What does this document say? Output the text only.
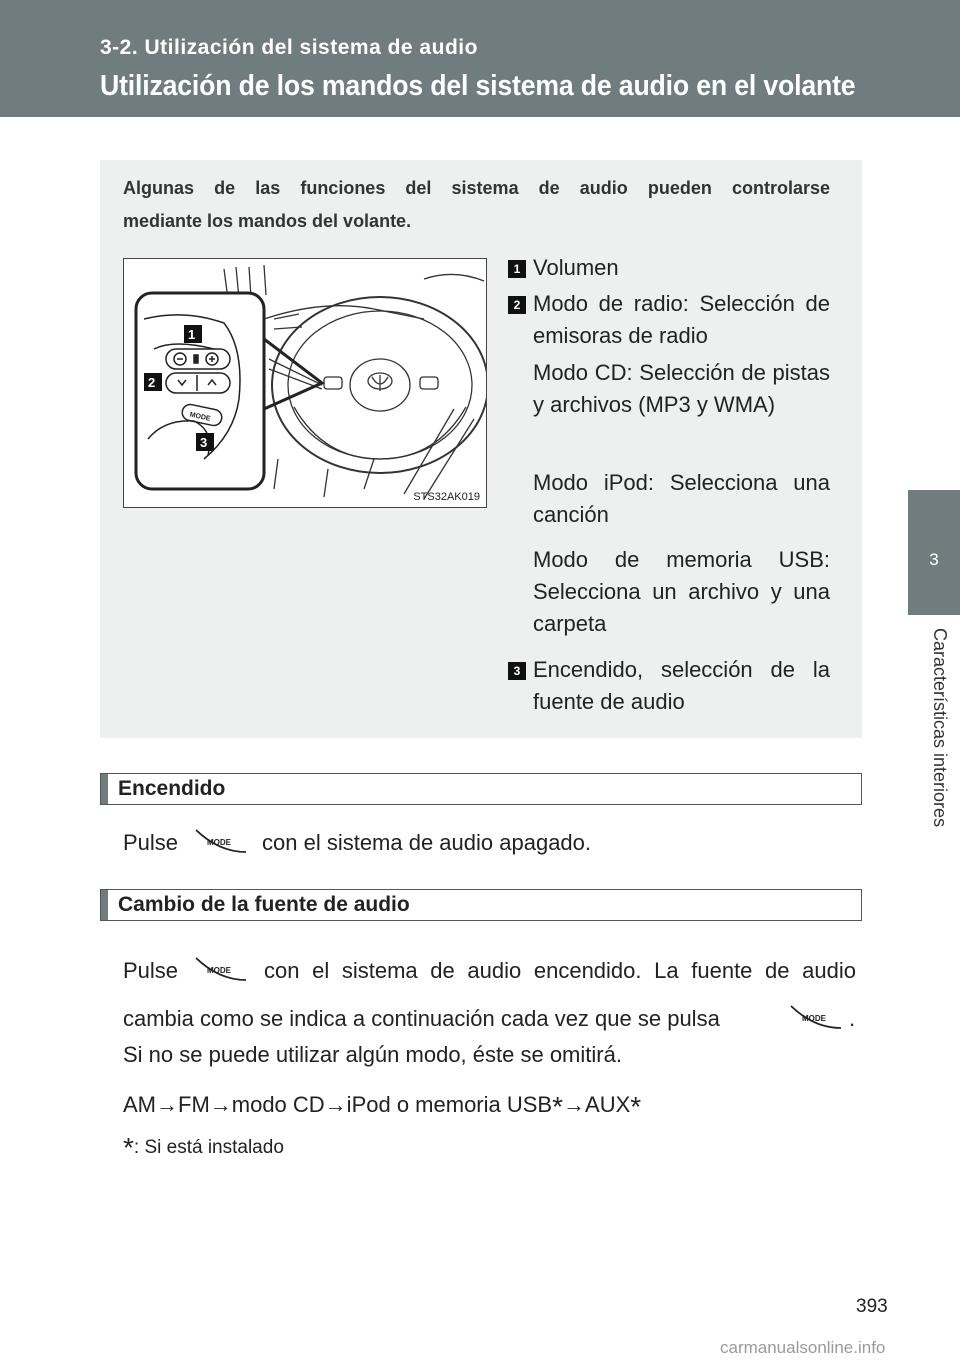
3-2. Utilización del sistema de audio
Utilización de los mandos del sistema de audio en el volante
3
Características interiores
Algunas de las funciones del sistema de audio pueden controlarse
mediante los mandos del volante.
MODE
1
2
3
STS32AK019
1 Volumen
2 Modo de radio: Selección de emisoras de radio
Modo CD: Selección de pistas y archivos (MP3 y WMA)
Modo iPod: Selecciona una canción
Modo de memoria USB: Selecciona un archivo y una carpeta
3 Encendido, selección de la fuente de audio
Encendido
Pulse	MODE con el sistema de audio apagado.
Cambio de la fuente de audio
Pulse	MODE con el sistema de audio encendido. La fuente de audio
cambia como se indica a continuación cada vez que se pulsa	MODE .
Si no se puede utilizar algún modo, éste se omitirá.
AM→FM→modo CD→iPod o memoria USB*→AUX*
*: Si está instalado
393
carmanualsonline.info
